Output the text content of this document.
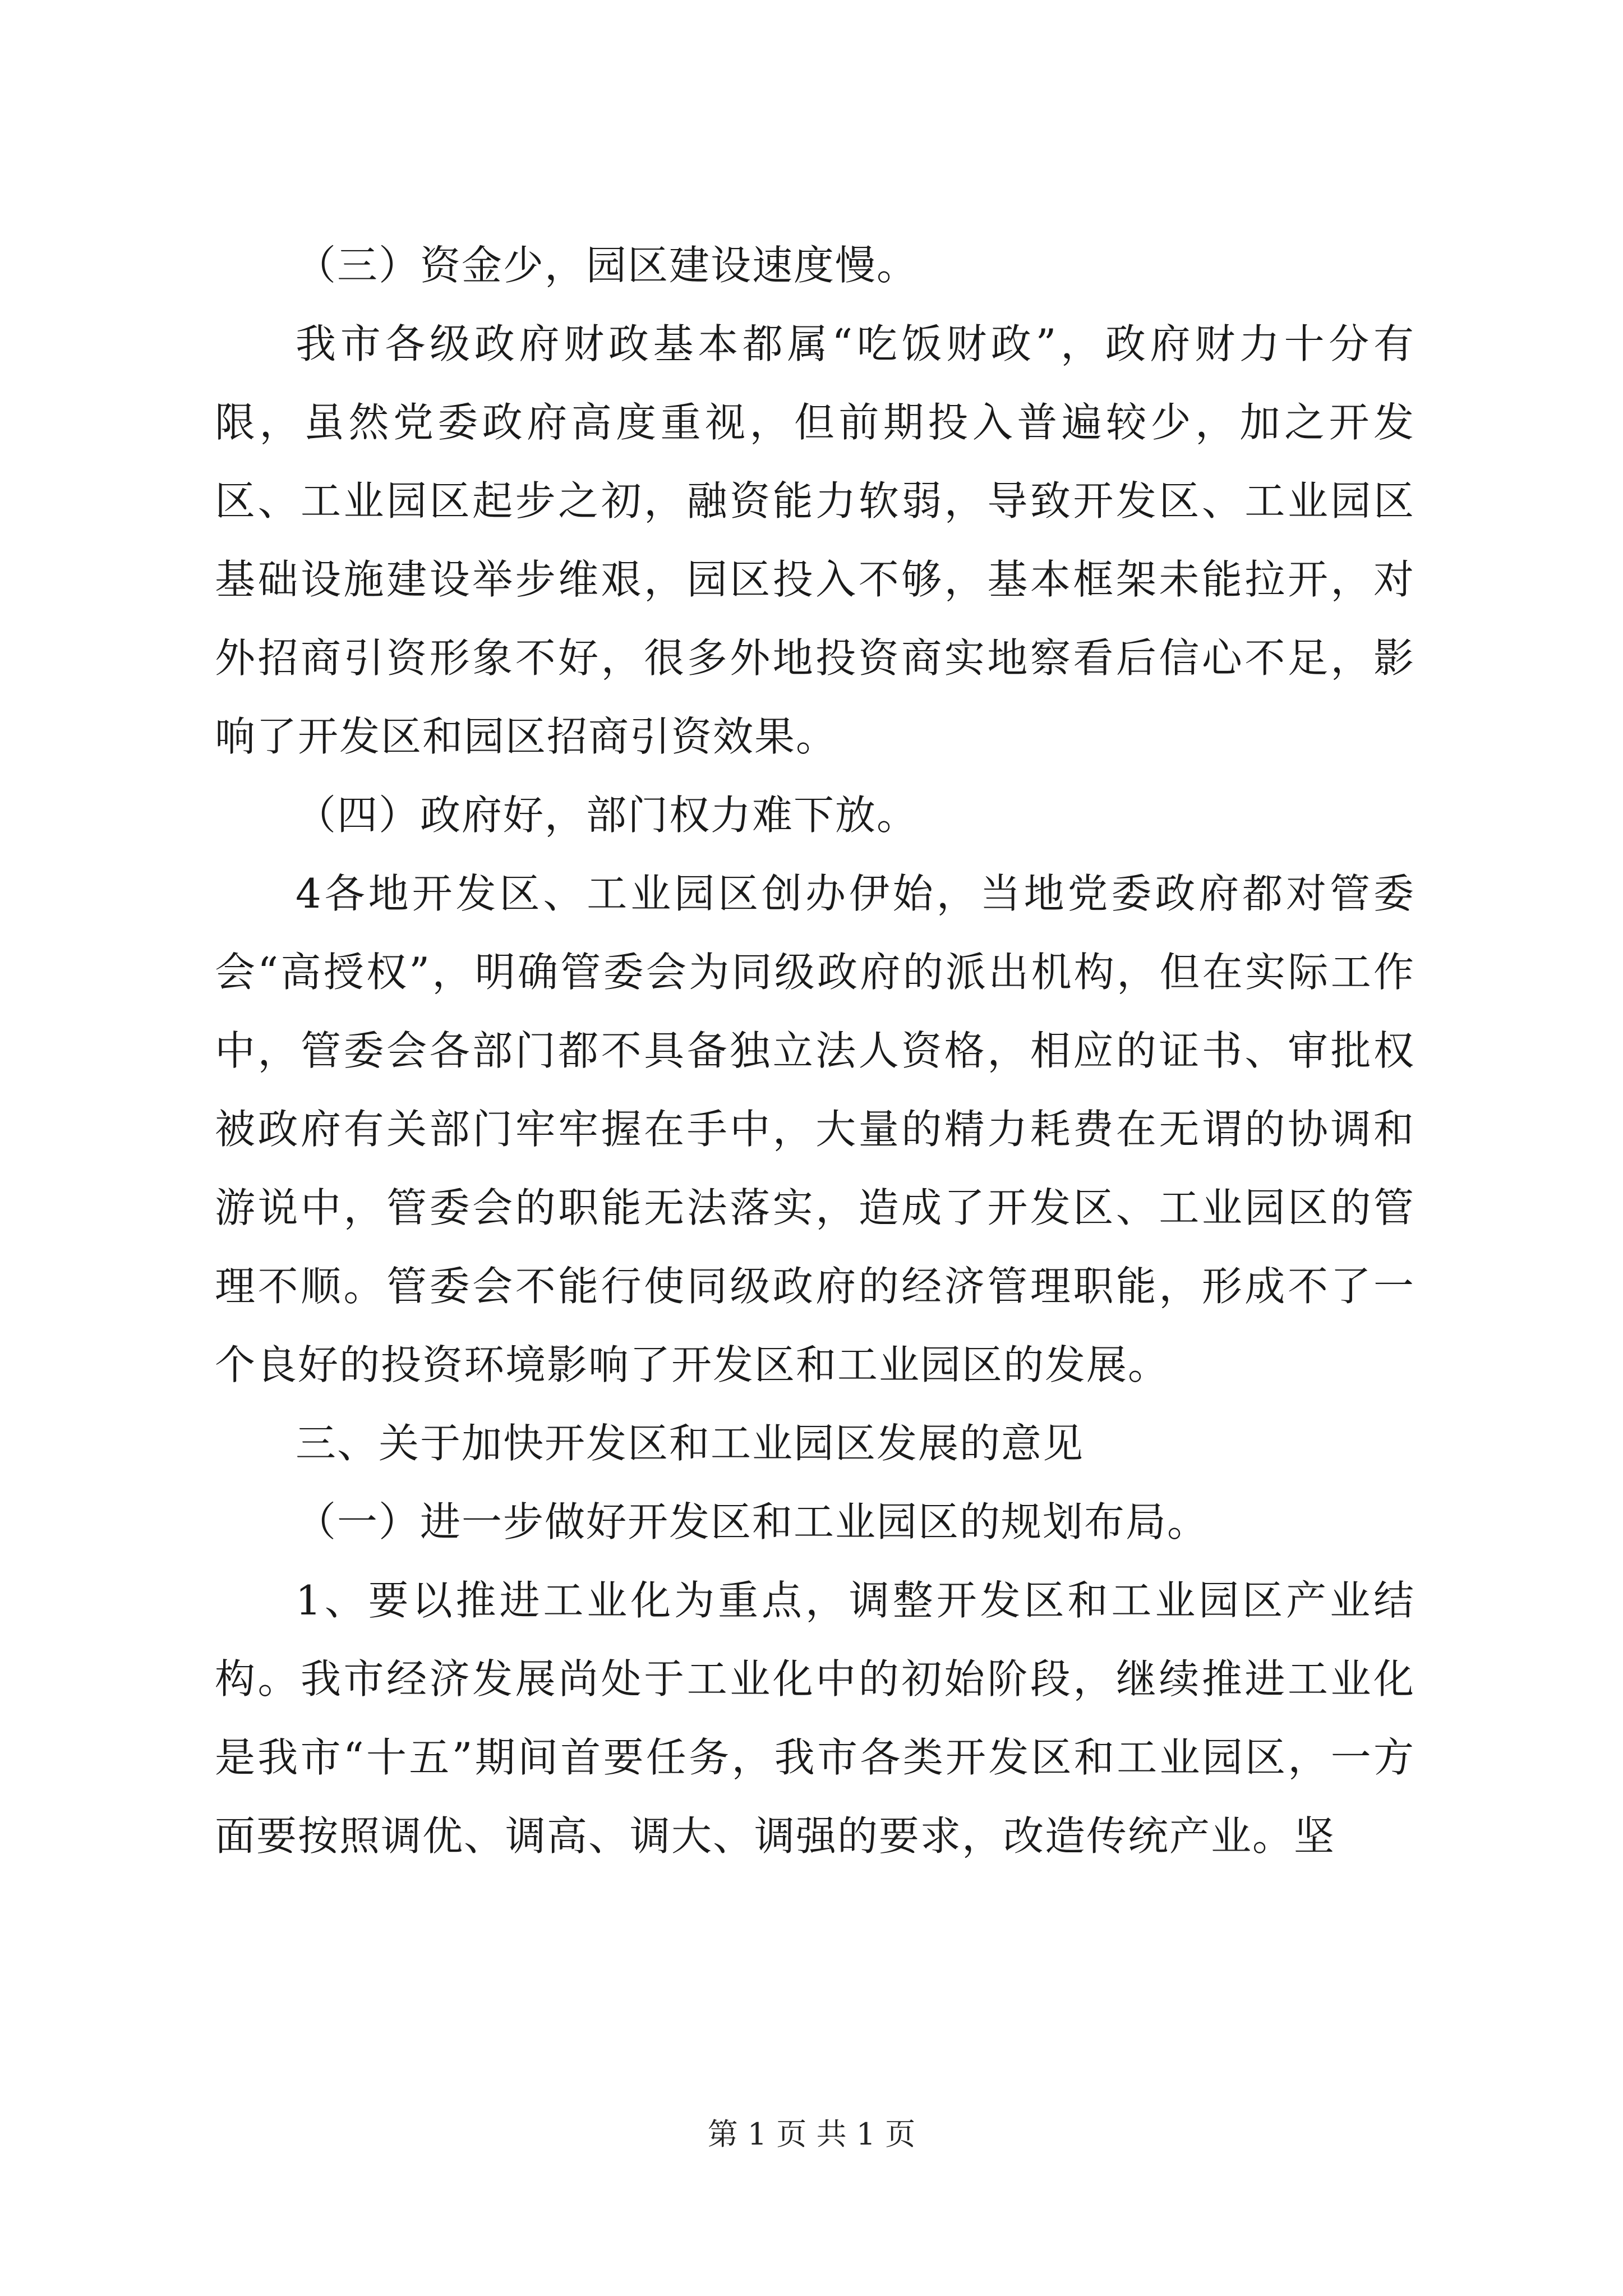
（三）资金少，园区建设速度慢。

我市各级政府财政基本都属“吃饭财政”，政府财力十分有限，虽然党委政府高度重视，但前期投入普遍较少，加之开发区、工业园区起步之初，融资能力软弱，导致开发区、工业园区基础设施建设举步维艰，园区投入不够，基本框架未能拉开，对外招商引资形象不好，很多外地投资商实地察看后信心不足，影响了开发区和园区招商引资效果。

（四）政府好，部门权力难下放。

4各地开发区、工业园区创办伊始，当地党委政府都对管委会“高授权”，明确管委会为同级政府的派出机构，但在实际工作中，管委会各部门都不具备独立法人资格，相应的证书、审批权被政府有关部门牢牢握在手中，大量的精力耗费在无谓的协调和游说中，管委会的职能无法落实，造成了开发区、工业园区的管理不顺。管委会不能行使同级政府的经济管理职能，形成不了一个良好的投资环境影响了开发区和工业园区的发展。

三、关于加快开发区和工业园区发展的意见

（一）进一步做好开发区和工业园区的规划布局。

1、要以推进工业化为重点，调整开发区和工业园区产业结构。我市经济发展尚处于工业化中的初始阶段，继续推进工业化是我市“十五”期间首要任务，我市各类开发区和工业园区，一方面要按照调优、调高、调大、调强的要求，改造传统产业。坚

第 1 页 共 1 页
